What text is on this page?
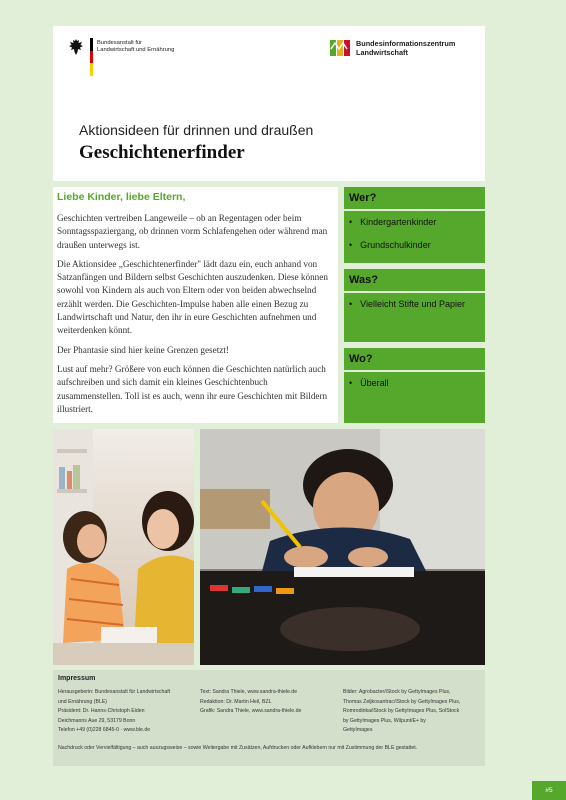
Bundesanstalt für
Landwirtschaft und Ernährung
Bundesinformationszentrum
Landwirtschaft
Aktionsideen für drinnen und draußen
Geschichtenerfinder
Liebe Kinder, liebe Eltern,

Geschichten vertreiben Langeweile – ob an Regentagen oder beim Sonntagsspaziergang, ob drinnen vorm Schlafengehen oder während man draußen unterwegs ist.

Die Aktionsidee „Geschichtenerfinder" lädt dazu ein, euch anhand von Satzanfängen und Bildern selbst Geschichten auszudenken. Diese können sowohl von Kindern als auch von Eltern oder von beiden abwechselnd erzählt werden. Die Geschichten-Impulse haben alle einen Bezug zu Landwirtschaft und Natur, den ihr in eure Geschichten aufnehmen und weiterdenken könnt.

Der Phantasie sind hier keine Grenzen gesetzt!

Lust auf mehr? Größere von euch können die Geschichten natürlich auch aufschreiben und sich damit ein kleines Geschichtenbuch zusammenstellen. Toll ist es auch, wenn ihr eure Geschichten mit Bildern illustriert.

Wer?
• Kindergartenkinder
• Grundschulkinder
Was?
• Vielleicht Stifte und Papier
Wo?
• Überall
Impressum
Herausgeberin: Bundesanstalt für Landwirtschaft
und Ernährung (BLE)
Präsident: Dr. Hanns-Christoph Eiden
Deichmanns Aue 29, 53179 Bonn
Telefon +49 (0)228 6845-0 · www.ble.de
Text: Sandra Thiele, www.sandra-thiele.de
Redaktion: Dr. Martin Heil, BZL
Grafik: Sandra Thiele, www.sandra-thiele.de
Bilder: Agrobacter/iStock by GettyImages Plus,
Thomas Zeljkosantrac/iStock by GettyImages Plus,
Romrodinka/iStock by GettyImages Plus, SolStock
by GettyImages Plus, Wilpunt/E+ by
GettyImages
Nachdruck oder Vervielfältigung – auch auszugsweise – sowie Weitergabe mit Zusätzen, Aufdrucken oder Aufklebern nur mit Zustimmung der BLE gestattet.
#5
